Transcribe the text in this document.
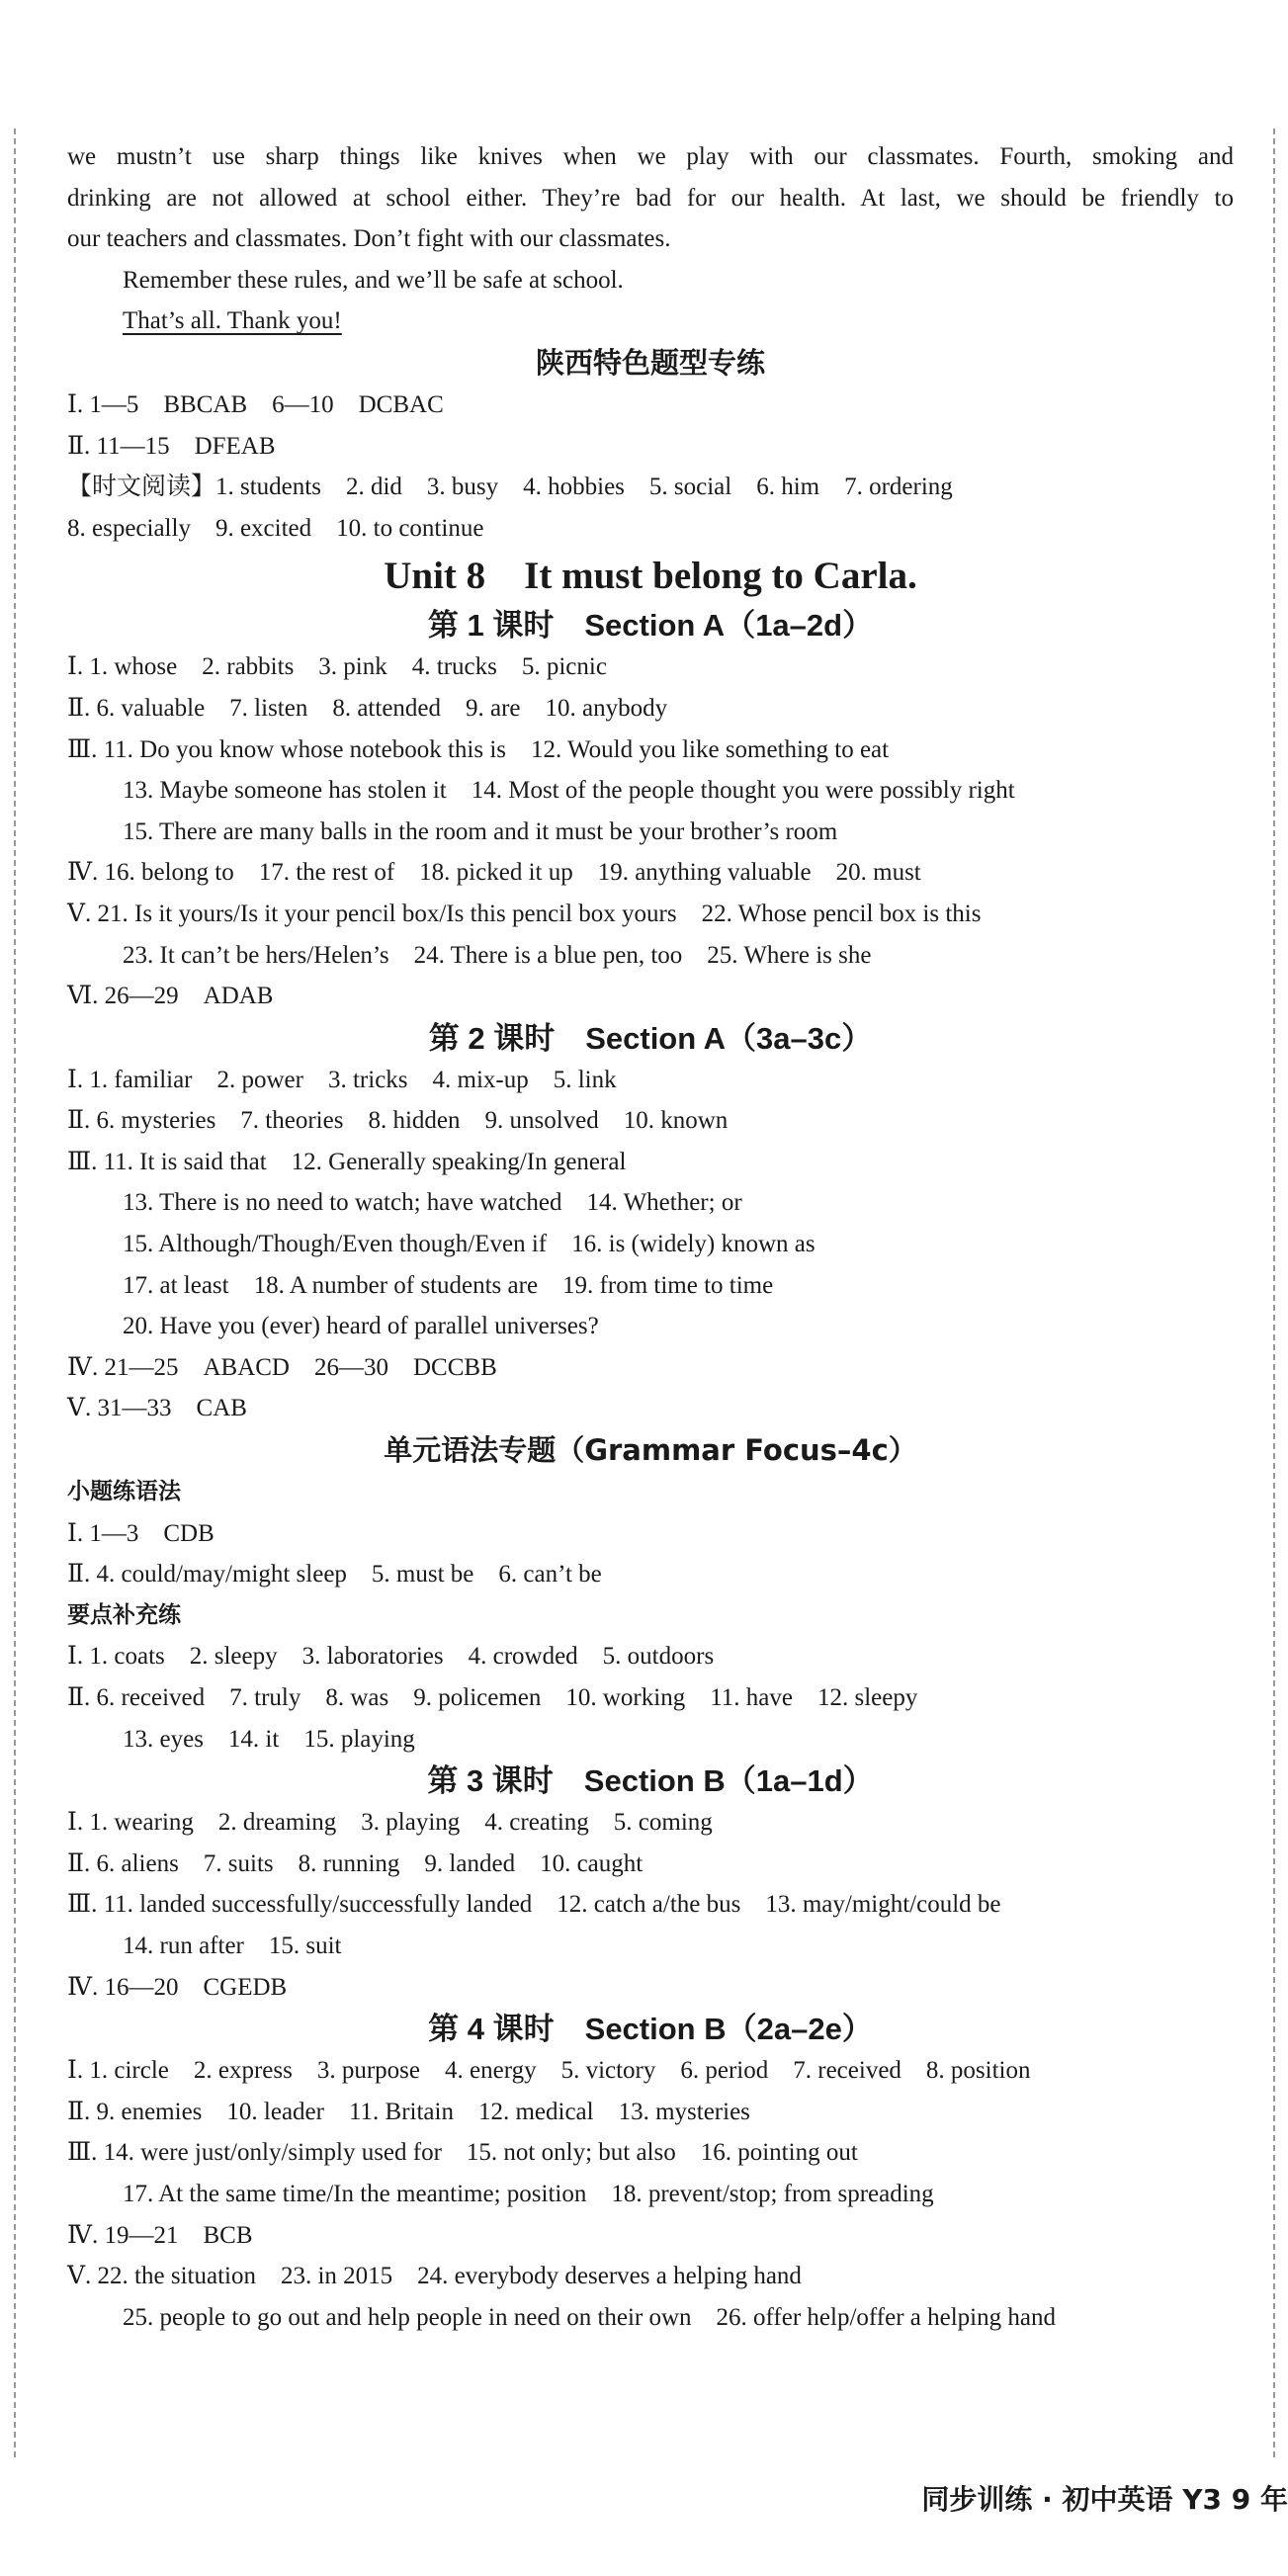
we mustn’t use sharp things like knives when we play with our classmates. Fourth, smoking and
drinking are not allowed at school either. They’re bad for our health. At last, we should be friendly to
our teachers and classmates. Don’t fight with our classmates.
Remember these rules, and we’ll be safe at school.
That’s all. Thank you!
陕西特色题型专练
Ⅰ. 1—5　BBCAB　6—10　DCBAC
Ⅱ. 11—15　DFEAB
【时文阅读】1. students　2. did　3. busy　4. hobbies　5. social　6. him　7. ordering
8. especially　9. excited　10. to continue
Unit 8　It must belong to Carla.
第 1 课时　Section A（1a–2d）
Ⅰ. 1. whose　2. rabbits　3. pink　4. trucks　5. picnic
Ⅱ. 6. valuable　7. listen　8. attended　9. are　10. anybody
Ⅲ. 11. Do you know whose notebook this is　12. Would you like something to eat
13. Maybe someone has stolen it　14. Most of the people thought you were possibly right
15. There are many balls in the room and it must be your brother’s room
Ⅳ. 16. belong to　17. the rest of　18. picked it up　19. anything valuable　20. must
Ⅴ. 21. Is it yours/Is it your pencil box/Is this pencil box yours　22. Whose pencil box is this
23. It can’t be hers/Helen’s　24. There is a blue pen, too　25. Where is she
Ⅵ. 26—29　ADAB
第 2 课时　Section A（3a–3c）
Ⅰ. 1. familiar　2. power　3. tricks　4. mix-up　5. link
Ⅱ. 6. mysteries　7. theories　8. hidden　9. unsolved　10. known
Ⅲ. 11. It is said that　12. Generally speaking/In general
13. There is no need to watch; have watched　14. Whether; or
15. Although/Though/Even though/Even if　16. is (widely) known as
17. at least　18. A number of students are　19. from time to time
20. Have you (ever) heard of parallel universes?
Ⅳ. 21—25　ABACD　26—30　DCCBB
Ⅴ. 31—33　CAB
单元语法专题（Grammar Focus–4c）
小题练语法
Ⅰ. 1—3　CDB
Ⅱ. 4. could/may/might sleep　5. must be　6. can’t be
要点补充练
Ⅰ. 1. coats　2. sleepy　3. laboratories　4. crowded　5. outdoors
Ⅱ. 6. received　7. truly　8. was　9. policemen　10. working　11. have　12. sleepy
13. eyes　14. it　15. playing
第 3 课时　Section B（1a–1d）
Ⅰ. 1. wearing　2. dreaming　3. playing　4. creating　5. coming
Ⅱ. 6. aliens　7. suits　8. running　9. landed　10. caught
Ⅲ. 11. landed successfully/successfully landed　12. catch a/the bus　13. may/might/could be
14. run after　15. suit
Ⅳ. 16—20　CGEDB
第 4 课时　Section B（2a–2e）
Ⅰ. 1. circle　2. express　3. purpose　4. energy　5. victory　6. period　7. received　8. position
Ⅱ. 9. enemies　10. leader　11. Britain　12. medical　13. mysteries
Ⅲ. 14. were just/only/simply used for　15. not only; but also　16. pointing out
17. At the same time/In the meantime; position　18. prevent/stop; from spreading
Ⅳ. 19—21　BCB
Ⅴ. 22. the situation　23. in 2015　24. everybody deserves a helping hand
25. people to go out and help people in need on their own　26. offer help/offer a helping hand
同步训练 · 初中英语 Y3 9 年
